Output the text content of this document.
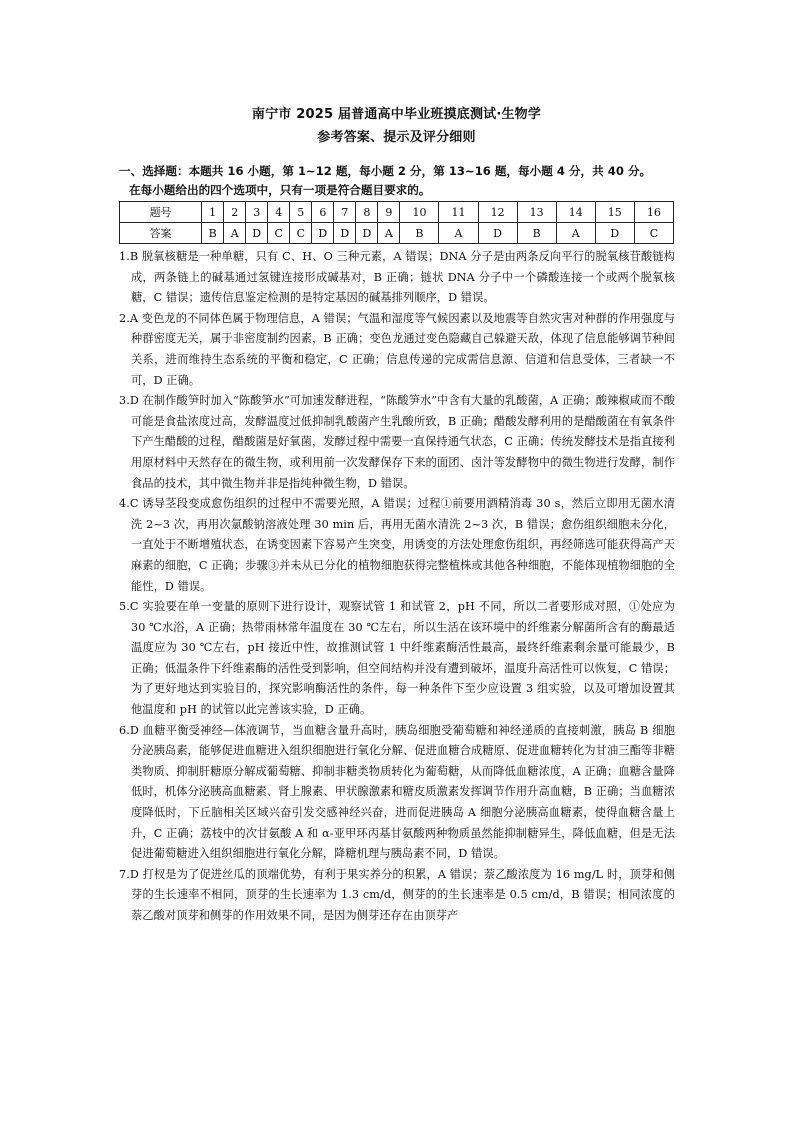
南宁市 2025 届普通高中毕业班摸底测试·生物学
参考答案、提示及评分细则
一、选择题：本题共 16 小题，第 1~12 题，每小题 2 分，第 13~16 题，每小题 4 分，共 40 分。
在每小题给出的四个选项中，只有一项是符合题目要求的。
题号	1	2	3	4	5	6	7	8	9	10	11	12	13	14	15	16
答案	B	A	D	C	C	D	D	D	A	B	A	D	B	A	D	C
1.B 脱氧核糖是一种单糖，只有 C、H、O 三种元素，A 错误；DNA 分子是由两条反向平行的脱氧核苷酸链构成，两条链上的碱基通过氢键连接形成碱基对，B 正确；链状 DNA 分子中一个磷酸连接一个或两个脱氧核糖，C 错误；遗传信息鉴定检测的是特定基因的碱基排列顺序，D 错误。
2.A 变色龙的不同体色属于物理信息，A 错误；气温和湿度等气候因素以及地震等自然灾害对种群的作用强度与种群密度无关，属于非密度制约因素，B 正确；变色龙通过变色隐藏自己躲避天敌，体现了信息能够调节种间关系，进而维持生态系统的平衡和稳定，C 正确；信息传递的完成需信息源、信道和信息受体，三者缺一不可，D 正确。
3.D 在制作酸笋时加入“陈酸笋水”可加速发酵进程，“陈酸笋水”中含有大量的乳酸菌，A 正确；酸辣椒咸而不酸可能是食盐浓度过高，发酵温度过低抑制乳酸菌产生乳酸所致，B 正确；醋酸发酵利用的是醋酸菌在有氧条件下产生醋酸的过程，醋酸菌是好氧菌，发酵过程中需要一直保持通气状态，C 正确；传统发酵技术是指直接利用原材料中天然存在的微生物，或利用前一次发酵保存下来的面团、卤汁等发酵物中的微生物进行发酵，制作食品的技术，其中微生物并非是指纯种微生物，D 错误。
4.C 诱导茎段变成愈伤组织的过程中不需要光照，A 错误；过程①前要用酒精消毒 30 s，然后立即用无菌水清洗 2~3 次，再用次氯酸钠溶液处理 30 min 后，再用无菌水清洗 2~3 次，B 错误；愈伤组织细胞未分化，一直处于不断增殖状态，在诱变因素下容易产生突变，用诱变的方法处理愈伤组织，再经筛选可能获得高产天麻素的细胞，C 正确；步骤③并未从已分化的植物细胞获得完整植株或其他各种细胞，不能体现植物细胞的全能性，D 错误。
5.C 实验要在单一变量的原则下进行设计，观察试管 1 和试管 2，pH 不同，所以二者要形成对照，①处应为 30 ℃水浴，A 正确；热带雨林常年温度在 30 ℃左右，所以生活在该环境中的纤维素分解菌所含有的酶最适温度应为 30 ℃左右，pH 接近中性，故推测试管 1 中纤维素酶活性最高，最终纤维素剩余量可能最少，B 正确；低温条件下纤维素酶的活性受到影响，但空间结构并没有遭到破坏，温度升高活性可以恢复，C 错误；为了更好地达到实验目的，探究影响酶活性的条件，每一种条件下至少应设置 3 组实验，以及可增加设置其他温度和 pH 的试管以此完善该实验，D 正确。
6.D 血糖平衡受神经—体液调节，当血糖含量升高时，胰岛细胞受葡萄糖和神经递质的直接刺激，胰岛 B 细胞分泌胰岛素，能够促进血糖进入组织细胞进行氧化分解、促进血糖合成糖原、促进血糖转化为甘油三酯等非糖类物质、抑制肝糖原分解成葡萄糖、抑制非糖类物质转化为葡萄糖，从而降低血糖浓度，A 正确；血糖含量降低时，机体分泌胰高血糖素、肾上腺素、甲状腺激素和糖皮质激素发挥调节作用升高血糖，B 正确；当血糖浓度降低时，下丘脑相关区域兴奋引发交感神经兴奋，进而促进胰岛 A 细胞分泌胰高血糖素，使得血糖含量上升，C 正确；荔枝中的次甘氨酸 A 和 α-亚甲环丙基甘氨酸两种物质虽然能抑制糖异生，降低血糖，但是无法促进葡萄糖进入组织细胞进行氧化分解，降糖机理与胰岛素不同，D 错误。
7.D 打杈是为了促进丝瓜的顶端优势，有利于果实养分的积累，A 错误；萘乙酸浓度为 16 mg/L 时，顶芽和侧芽的生长速率不相同，顶芽的生长速率为 1.3 cm/d，侧芽的的生长速率是 0.5 cm/d，B 错误；相同浓度的萘乙酸对顶芽和侧芽的作用效果不同，是因为侧芽还存在由顶芽产
